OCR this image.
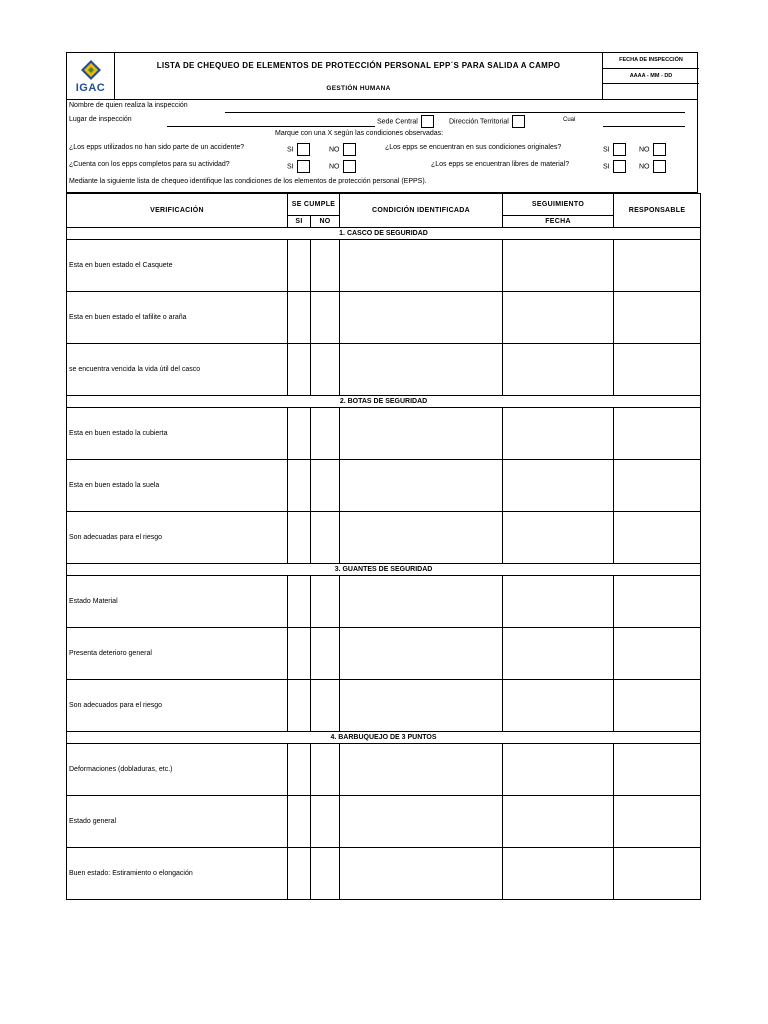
IGAC
LISTA DE CHEQUEO DE ELEMENTOS DE PROTECCIÓN PERSONAL EPP´S PARA SALIDA A CAMPO
GESTIÓN HUMANA
FECHA DE INSPECCIÓN
AAAA - MM - DD
Nombre de quien realiza la inspección
Lugar de inspección	Sede Central	Dirección Territorial	Cual
Marque con una X según las condiciones observadas:
¿Los epps utilizados no han sido parte de un accidente?	SI	NO	¿Los epps se encuentran en sus condiciones originales?	SI	NO
¿Cuenta con los epps completos para su actividad?	SI	NO	¿Los epps se encuentran libres de material?	SI	NO
Mediante la siguiente lista de chequeo identifique las condiciones de los elementos de protección personal (EPPS).
VERIFICACIÓN	SE CUMPLE		CONDICIÓN IDENTIFICADA	SEGUIMIENTO	RESPONSABLE
	SI	NO		FECHA	
1. CASCO DE SEGURIDAD					
Esta en buen estado el Casquete					
Esta en buen estado el tafilite o araña					
se encuentra vencida la vida útil del casco					
2. BOTAS DE SEGURIDAD					
Esta en buen estado la cubierta					
Esta en buen estado la suela					
Son adecuadas para el riesgo					
3. GUANTES DE SEGURIDAD					
Estado Material					
Presenta deterioro general					
Son adecuados para el riesgo					
4. BARBUQUEJO DE 3 PUNTOS					
Deformaciones (dobladuras, etc.)					
Estado general					
Buen estado: Estiramiento o elongación					
